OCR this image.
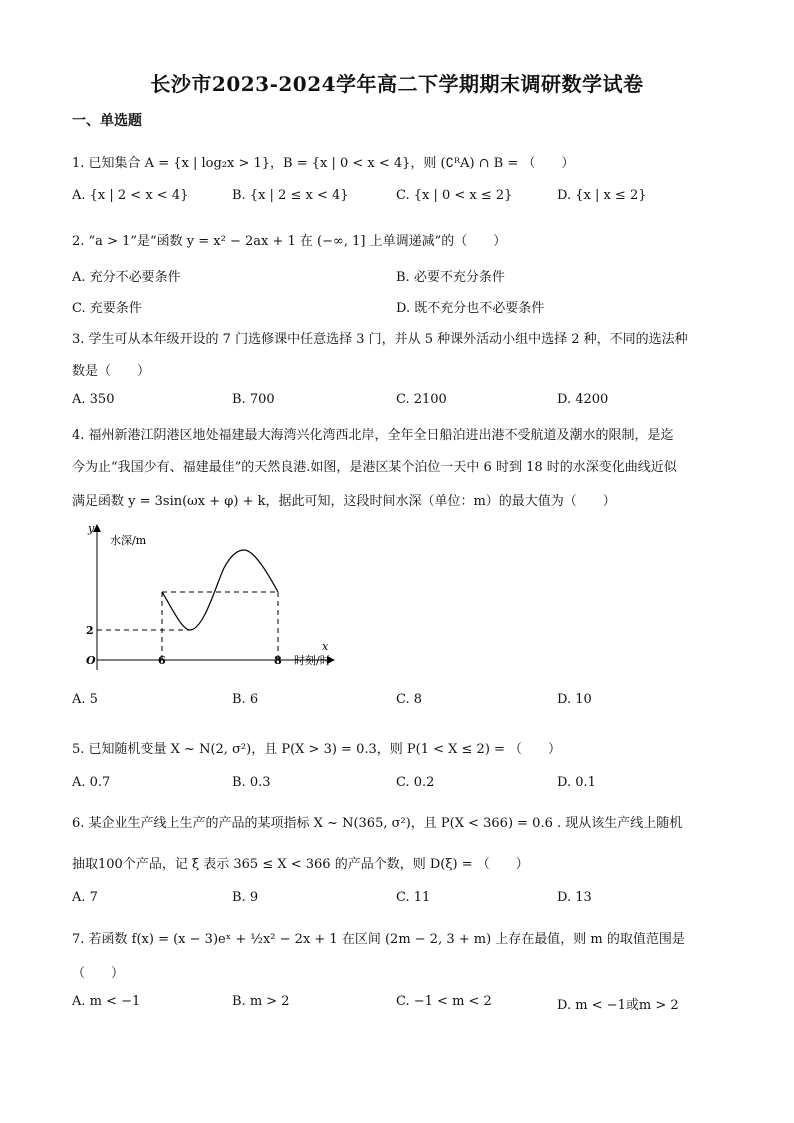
长沙市2023-2024学年高二下学期期末调研数学试卷
一、单选题
1. 已知集合 A = {x | log₂x > 1}，B = {x | 0 < x < 4}，则 (∁ᴿA) ∩ B = （　　）
A. {x | 2 < x < 4}	B. {x | 2 ≤ x < 4}	C. {x | 0 < x ≤ 2}	D. {x | x ≤ 2}
2. “a > 1”是“函数 y = x² − 2ax + 1 在 (−∞, 1] 上单调递减”的（　　）
A. 充分不必要条件	B. 必要不充分条件
C. 充要条件	D. 既不充分也不必要条件
3. 学生可从本年级开设的 7 门选修课中任意选择 3 门，并从 5 种课外活动小组中选择 2 种，不同的选法种
数是（　　）
A. 350	B. 700	C. 2100	D. 4200
4. 福州新港江阴港区地处福建最大海湾兴化湾西北岸，全年全日船泊进出港不受航道及潮水的限制，是迄
今为止“我国少有、福建最佳”的天然良港.如图，是港区某个泊位一天中 6 时到 18 时的水深变化曲线近似
满足函数 y = 3sin(ωx + φ) + k，据此可知，这段时间水深（单位：m）的最大值为（　　）
y
水深/m
x
时刻/时
O
2
6	8
A. 5	B. 6	C. 8	D. 10
5. 已知随机变量 X ~ N(2, σ²)，且 P(X > 3) = 0.3，则 P(1 < X ≤ 2) = （　　）
A. 0.7	B. 0.3	C. 0.2	D. 0.1
6. 某企业生产线上生产的产品的某项指标 X ~ N(365, σ²)，且 P(X < 366) = 0.6 . 现从该生产线上随机
抽取100个产品，记 ξ 表示 365 ≤ X < 366 的产品个数，则 D(ξ) = （　　）
A. 7	B. 9	C. 11	D. 13
7. 若函数 f(x) = (x − 3)eˣ + ½x² − 2x + 1 在区间 (2m − 2, 3 + m) 上存在最值，则 m 的取值范围是
（　　）
A. m < −1	B. m > 2	C. −1 < m < 2	D. m < −1或m > 2
